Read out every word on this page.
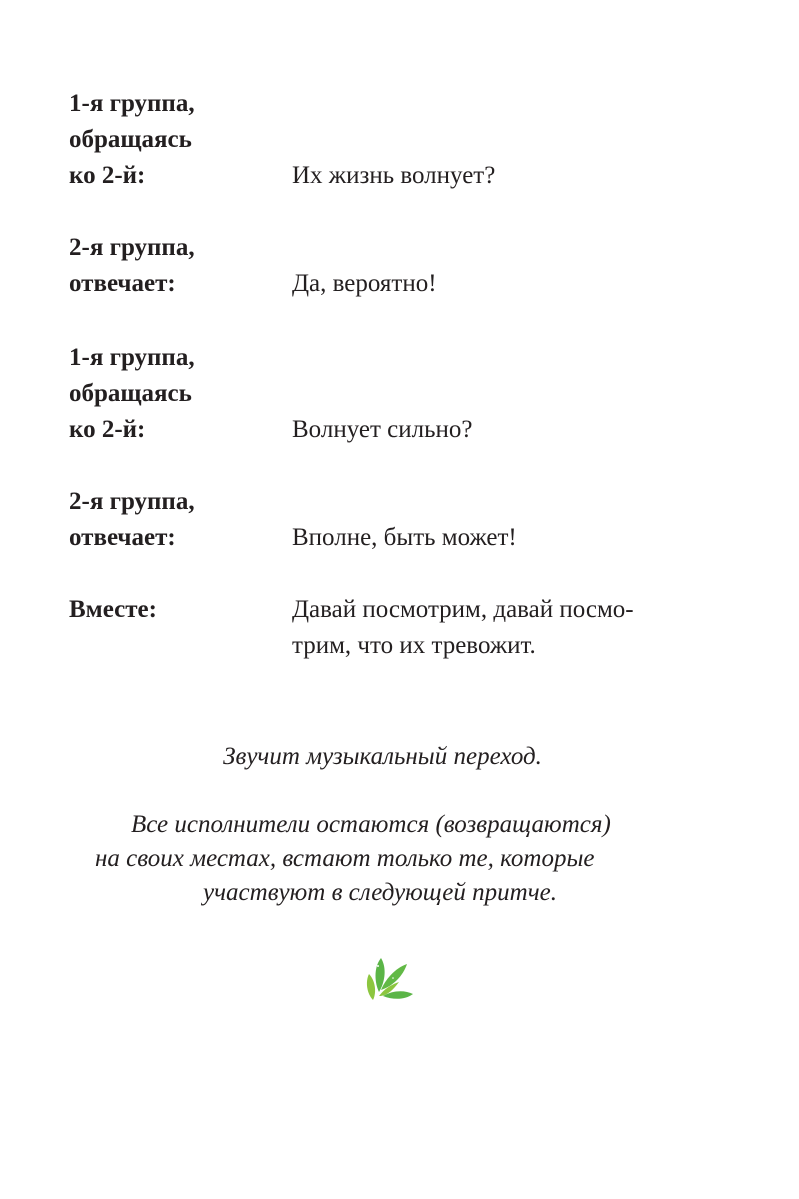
1-я группа,
обращаясь
ко 2-й:	Их жизнь волнует?
2-я группа,
отвечает:	Да, вероятно!
1-я группа,
обращаясь
ко 2-й:	Волнует сильно?
2-я группа,
отвечает:	Вполне, быть может!
Вместе:	Давай посмотрим, давай посмо-
трим, что их тревожит.
Звучит музыкальный переход.
Все исполнители остаются (возвращаются)
на своих местах, встают только те, которые
участвуют в следующей притче.
